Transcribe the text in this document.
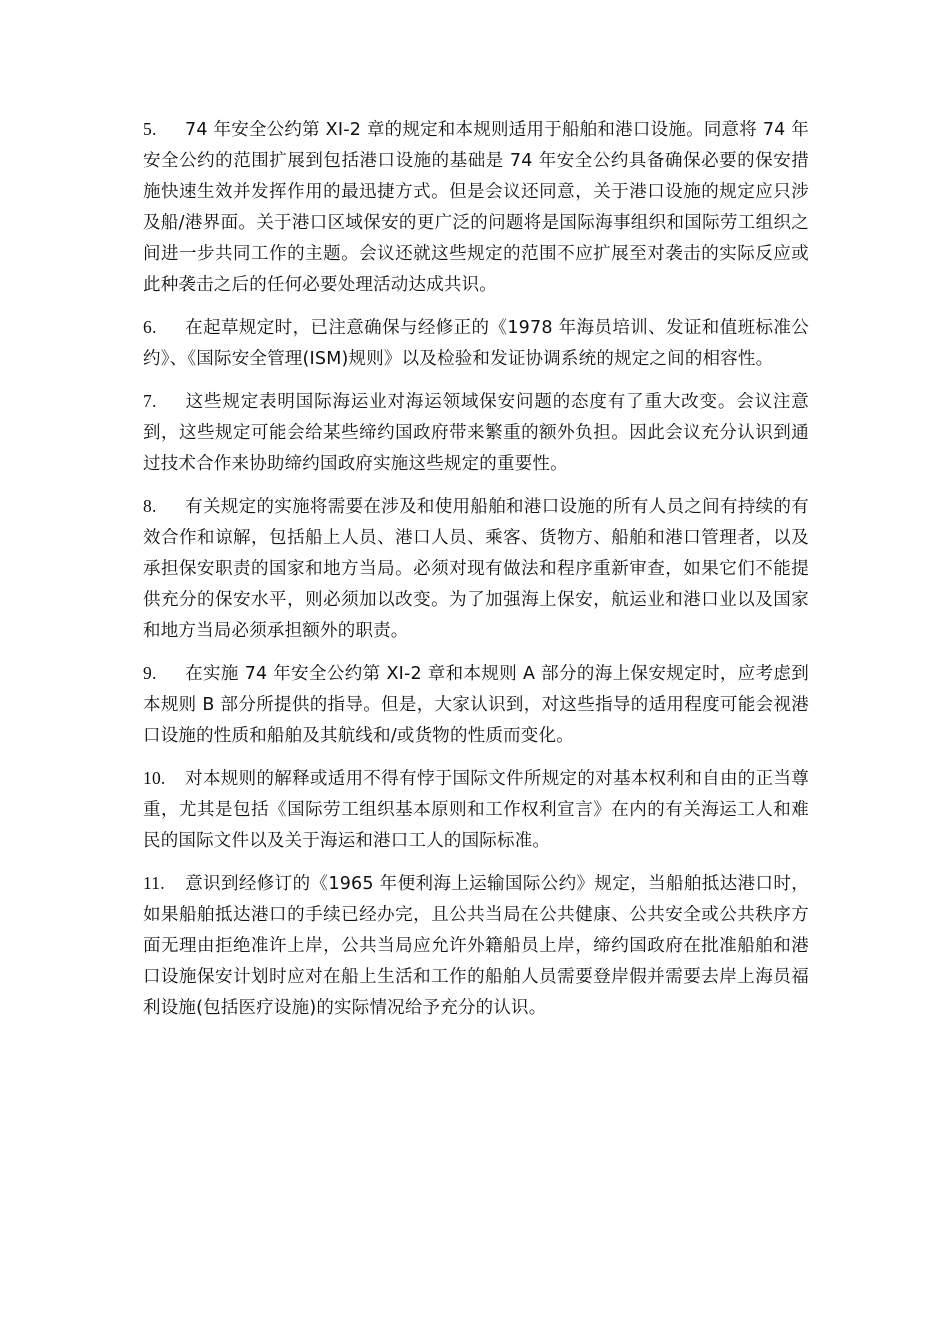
5. 74 年安全公约第 XI-2 章的规定和本规则适用于船舶和港口设施。同意将 74 年安全公约的范围扩展到包括港口设施的基础是 74 年安全公约具备确保必要的保安措施快速生效并发挥作用的最迅捷方式。但是会议还同意，关于港口设施的规定应只涉及船/港界面。关于港口区域保安的更广泛的问题将是国际海事组织和国际劳工组织之间进一步共同工作的主题。会议还就这些规定的范围不应扩展至对袭击的实际反应或此种袭击之后的任何必要处理活动达成共识。

6. 在起草规定时，已注意确保与经修正的《1978 年海员培训、发证和值班标准公约》、《国际安全管理(ISM)规则》以及检验和发证协调系统的规定之间的相容性。

7. 这些规定表明国际海运业对海运领域保安问题的态度有了重大改变。会议注意到，这些规定可能会给某些缔约国政府带来繁重的额外负担。因此会议充分认识到通过技术合作来协助缔约国政府实施这些规定的重要性。

8. 有关规定的实施将需要在涉及和使用船舶和港口设施的所有人员之间有持续的有效合作和谅解，包括船上人员、港口人员、乘客、货物方、船舶和港口管理者，以及承担保安职责的国家和地方当局。必须对现有做法和程序重新审查，如果它们不能提供充分的保安水平，则必须加以改变。为了加强海上保安，航运业和港口业以及国家和地方当局必须承担额外的职责。

9. 在实施 74 年安全公约第 XI-2 章和本规则 A 部分的海上保安规定时，应考虑到本规则 B 部分所提供的指导。但是，大家认识到，对这些指导的适用程度可能会视港口设施的性质和船舶及其航线和/或货物的性质而变化。

10. 对本规则的解释或适用不得有悖于国际文件所规定的对基本权利和自由的正当尊重，尤其是包括《国际劳工组织基本原则和工作权利宣言》在内的有关海运工人和难民的国际文件以及关于海运和港口工人的国际标准。

11. 意识到经修订的《1965 年便利海上运输国际公约》规定，当船舶抵达港口时，如果船舶抵达港口的手续已经办完，且公共当局在公共健康、公共安全或公共秩序方面无理由拒绝准许上岸，公共当局应允许外籍船员上岸，缔约国政府在批准船舶和港口设施保安计划时应对在船上生活和工作的船舶人员需要登岸假并需要去岸上海员福利设施(包括医疗设施)的实际情况给予充分的认识。
